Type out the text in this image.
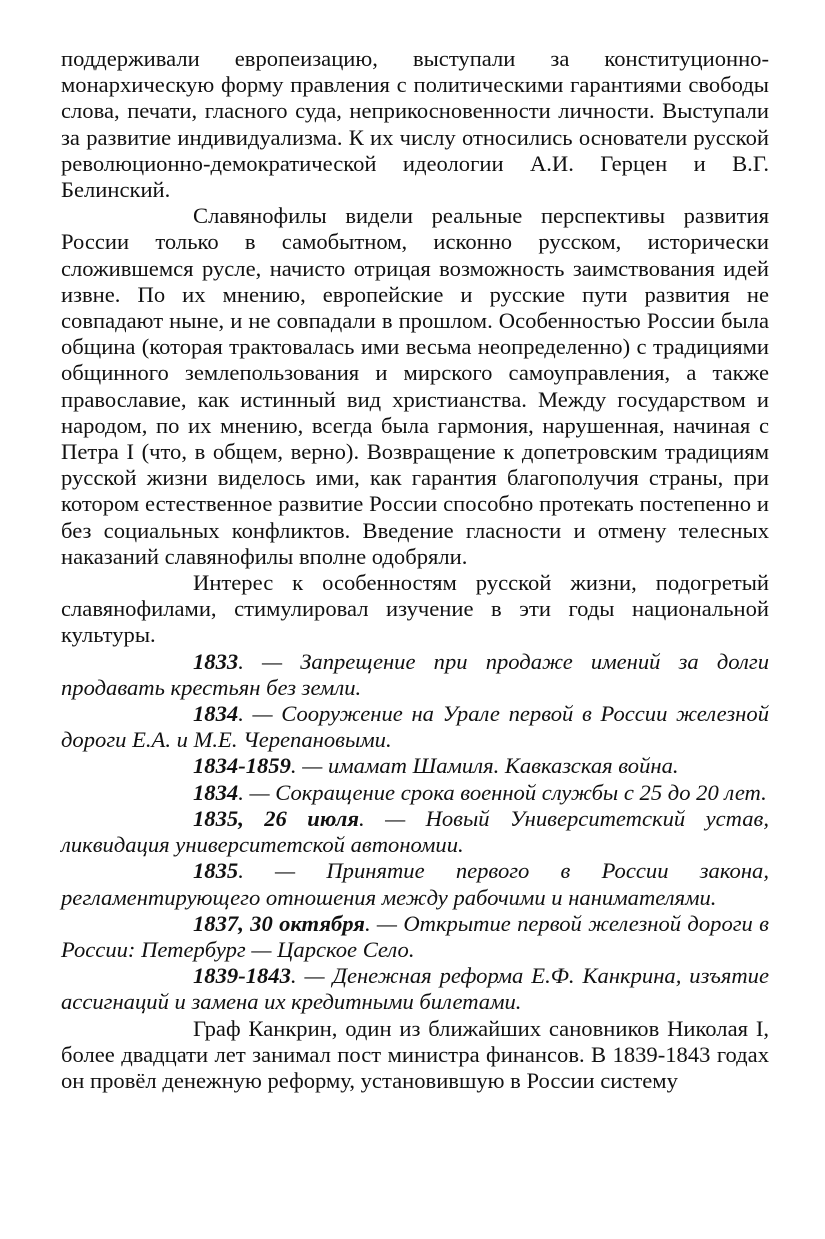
поддерживали европеизацию, выступали за конституционно-монархическую форму правления с политическими гарантиями свободы слова, печати, гласного суда, неприкосновенности личности. Выступали за развитие индивидуализма. К их числу относились основатели русской революционно-демократической идеологии А.И. Герцен и В.Г. Белинский.

Славянофилы видели реальные перспективы развития России только в самобытном, исконно русском, исторически сложившемся русле, начисто отрицая возможность заимствования идей извне. По их мнению, европейские и русские пути развития не совпадают ныне, и не совпадали в прошлом. Особенностью России была община (которая трактовалась ими весьма неопределенно) с традициями общинного землепользования и мирского самоуправления, а также православие, как истинный вид христианства. Между государством и народом, по их мнению, всегда была гармония, нарушенная, начиная с Петра I (что, в общем, верно). Возвращение к допетровским традициям русской жизни виделось ими, как гарантия благополучия страны, при котором естественное развитие России способно протекать постепенно и без социальных конфликтов. Введение гласности и отмену телесных наказаний славянофилы вполне одобряли.

Интерес к особенностям русской жизни, подогретый славянофилами, стимулировал изучение в эти годы национальной культуры.

1833. — Запрещение при продаже имений за долги продавать крестьян без земли.

1834. — Сооружение на Урале первой в России железной дороги Е.А. и М.Е. Черепановыми.

1834-1859. — имамат Шамиля. Кавказская война.

1834. — Сокращение срока военной службы с 25 до 20 лет.

1835, 26 июля. — Новый Университетский устав, ликвидация университетской автономии.

1835. — Принятие первого в России закона, регламентирующего отношения между рабочими и нанимателями.

1837, 30 октября. — Открытие первой железной дороги в России: Петербург — Царское Село.

1839-1843. — Денежная реформа Е.Ф. Канкрина, изъятие ассигнаций и замена их кредитными билетами.

Граф Канкрин, один из ближайших сановников Николая I, более двадцати лет занимал пост министра финансов. В 1839-1843 годах он провёл денежную реформу, установившую в России систему
